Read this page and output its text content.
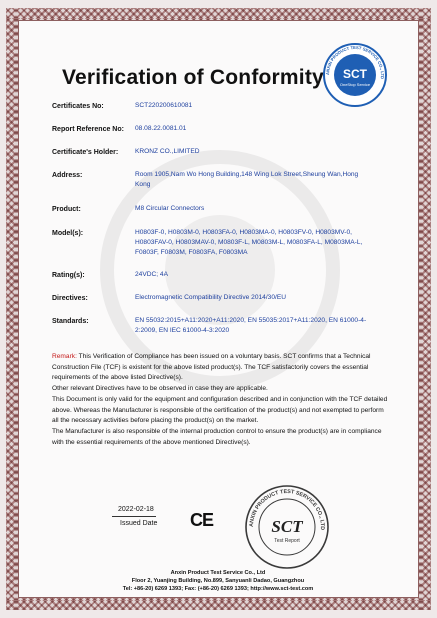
Verification of Conformity ANXIN PRODUCT TEST SERVICE CO., LTD
SCT
OneStop Service
Certificates No:	SCT220200610081
Report Reference No: 08.08.22.0081.01
Certificate's Holder:	KRONZ CO.,LIMITED
Address:	Room 1905,Nam Wo Hong Building,148 Wing Lok Street,Sheung Wan,Hong Kong
Product:	M8 Circular Connectors
Model(s):	H0803F-0, H0803M-0, H0803FA-0, H0803MA-0, H0803FV-0, H0803MV-0, H0803FAV-0, H0803MAV-0, M0803F-L, M0803M-L, M0803FA-L, M0803MA-L, F0803F, F0803M, F0803FA, F0803MA
Rating(s):	24VDC; 4A
Directives:	Electromagnetic Compatibility Directive 2014/30/EU
Standards:	EN 55032:2015+A11:2020+A11:2020, EN 55035:2017+A11:2020, EN 61000-4-2:2009, EN IEC 61000-4-3:2020
Remark: This Verification of Compliance has been issued on a voluntary basis. SCT confirms that a Technical Construction File (TCF) is existent for the above listed product(s). The TCF satisfactorily covers the essential requirements of the above listed Directive(s).
Other relevant Directives have to be observed in case they are applicable.
This Document is only valid for the equipment and configuration described and in conjunction with the TCF detailed above. Whereas the Manufacturer is responsible of the certification of the product(s) and not exempted to perform all the necessary activities before placing the product(s) on the market.
The Manufacturer is also responsible of the internal production control to ensure the product(s) are in compliance with the essential requirements of the above mentioned Directive(s).
2022-02-18
Issued Date CE	ANXIN PRODUCT TEST SERVICE CO., LTD
SCT
Test Report
Anxin Product Test Service Co., Ltd
Floor 2, Yuanjing Building, No.899, Sanyuanli Dadao, Guangzhou
Tel: +86-20) 6269 1393; Fax: (+86-20) 6269 1393; http://www.sct-test.com
